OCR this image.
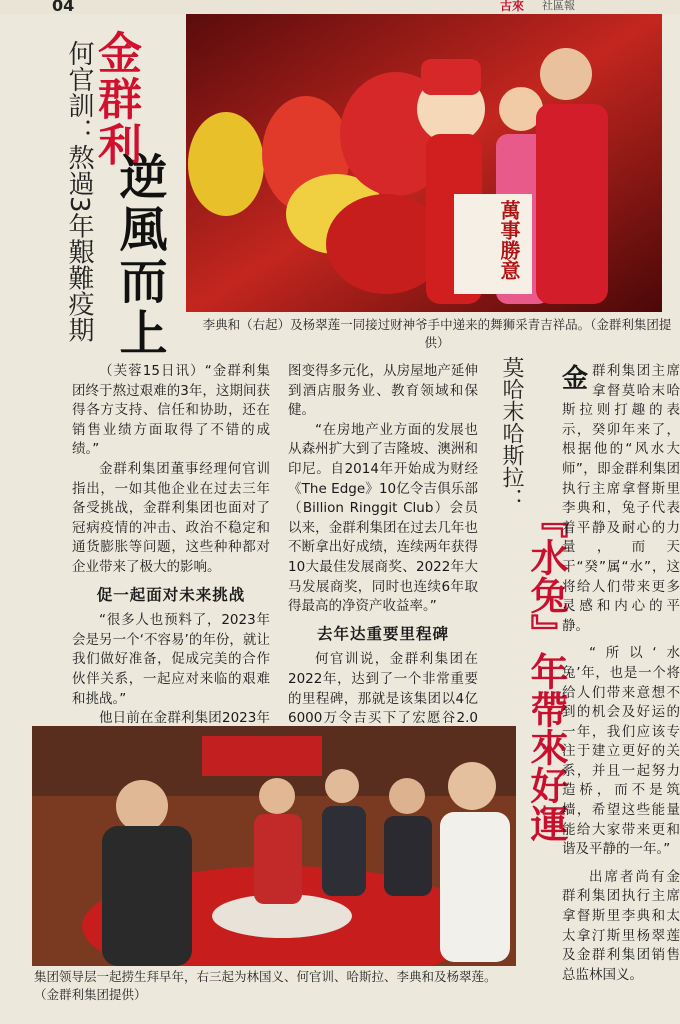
04	古來 社區報
何官訓：熬過3年艱難疫期
金群利
逆風而上	萬事勝意
李典和（右起）及杨翠莲一同接过财神爷手中递来的舞狮采青吉祥品。（金群利集团提供）

（芙蓉15日讯）“金群利集团终于熬过艰难的3年，这期间获得各方支持、信任和协助，还在销售业绩方面取得了不错的成绩。”

金群利集团董事经理何官训指出，一如其他企业在过去三年备受挑战，金群利集团也面对了冠病疫情的冲击、政治不稳定和通货膨胀等问题，这些种种都对企业带来了极大的影响。

促一起面对未来挑战

“很多人也预料了，2023年会是另一个‘不容易’的年份，就让我们做好准备，促成完美的合作伙伴关系，一起应对来临的艰难和挑战。”

他日前在金群利集团2023年

图变得多元化，从房屋地产延伸到酒店服务业、教育领域和保健。

“在房地产业方面的发展也从森州扩大到了吉隆坡、澳洲和印尼。自2014年开始成为财经《The Edge》10亿令吉俱乐部（Billion Ringgit Club）会员以来，金群利集团在过去几年也不断拿出好成绩，连续两年获得10大最佳发展商奖、2022年大马发展商奖，同时也连续6年取得最高的净资产收益率。”

去年达重要里程碑

何官训说，金群利集团在2022年，达到了一个非常重要的里程碑，那就是该集团以4亿6000万令吉买下了宏愿谷2.0

莫哈末哈斯拉：
『水兔』年帶來好運

金群利集团主席拿督莫哈末哈斯拉则打趣的表示，癸卯年来了，根据他的“风水大师”，即金群利集团执行主席拿督斯里李典和，兔子代表着平静及耐心的力量，而天干“癸”属“水”，这将给人们带来更多灵感和内心的平静。

“所以‘水兔’年，也是一个将给人们带来意想不到的机会及好运的一年，我们应该专注于建立更好的关系，并且一起努力造桥，而不是筑墙，希望这些能量能给大家带来更和谐及平静的一年。”

出席者尚有金群利集团执行主席拿督斯里李典和太太拿汀斯里杨翠莲及金群利集团销售总监林国义。

集团领导层一起捞生拜早年，右三起为林国义、何官训、哈斯拉、李典和及杨翠莲。（金群利集团提供）
